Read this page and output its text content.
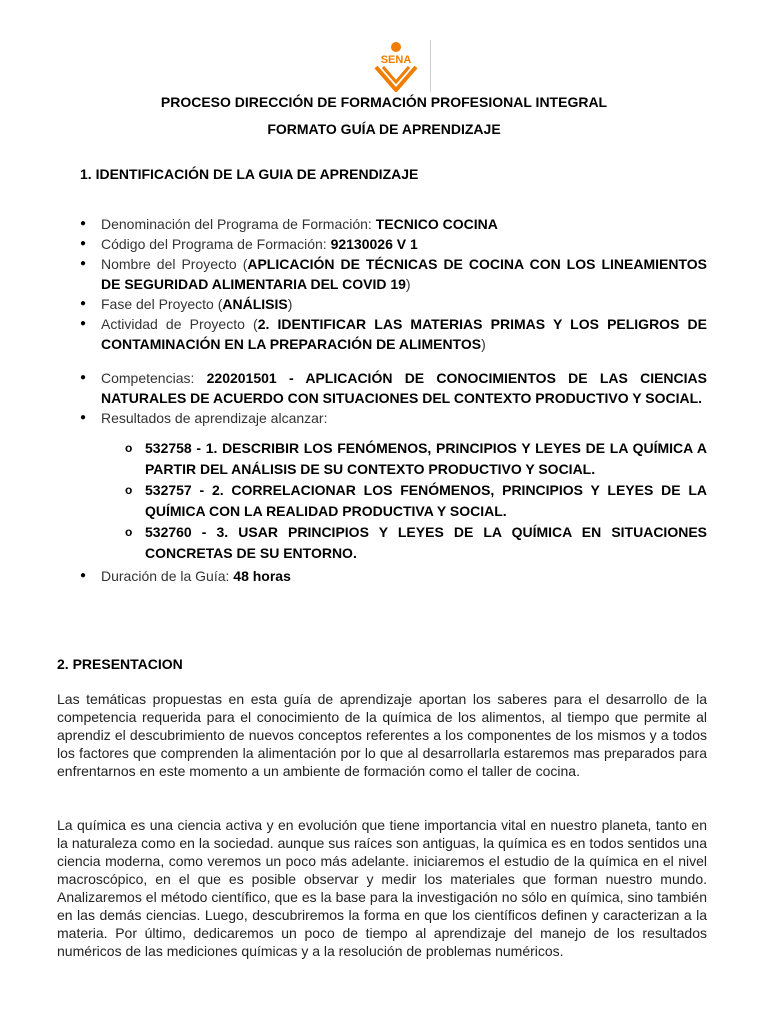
SENA
PROCESO DIRECCIÓN DE FORMACIÓN PROFESIONAL INTEGRAL
FORMATO GUÍA DE APRENDIZAJE
1. IDENTIFICACIÓN DE LA GUIA DE APRENDIZAJE
● Denominación del Programa de Formación: TECNICO COCINA
● Código del Programa de Formación: 92130026 V 1
● Nombre del Proyecto (APLICACIÓN DE TÉCNICAS DE COCINA CON LOS LINEAMIENTOS DE SEGURIDAD ALIMENTARIA DEL COVID 19)
● Fase del Proyecto (ANÁLISIS)
● Actividad de Proyecto (2. IDENTIFICAR LAS MATERIAS PRIMAS Y LOS PELIGROS DE CONTAMINACIÓN EN LA PREPARACIÓN DE ALIMENTOS)
● Competencias: 220201501 - APLICACIÓN DE CONOCIMIENTOS DE LAS CIENCIAS NATURALES DE ACUERDO CON SITUACIONES DEL CONTEXTO PRODUCTIVO Y SOCIAL.
● Resultados de aprendizaje alcanzar:
o 532758 - 1. DESCRIBIR LOS FENÓMENOS, PRINCIPIOS Y LEYES DE LA QUÍMICA A PARTIR DEL ANÁLISIS DE SU CONTEXTO PRODUCTIVO Y SOCIAL.
o 532757 - 2. CORRELACIONAR LOS FENÓMENOS, PRINCIPIOS Y LEYES DE LA QUÍMICA CON LA REALIDAD PRODUCTIVA Y SOCIAL.
o 532760 - 3. USAR PRINCIPIOS Y LEYES DE LA QUÍMICA EN SITUACIONES CONCRETAS DE SU ENTORNO.
● Duración de la Guía: 48 horas
2. PRESENTACION
Las temáticas propuestas en esta guía de aprendizaje aportan los saberes para el desarrollo de la competencia requerida para el conocimiento de la química de los alimentos, al tiempo que permite al aprendiz el descubrimiento de nuevos conceptos referentes a los componentes de los mismos y a todos los factores que comprenden la alimentación por lo que al desarrollarla estaremos mas preparados para enfrentarnos en este momento a un ambiente de formación como el taller de cocina.
La química es una ciencia activa y en evolución que tiene importancia vital en nuestro planeta, tanto en la naturaleza como en la sociedad. aunque sus raíces son antiguas, la química es en todos sentidos una ciencia moderna, como veremos un poco más adelante. iniciaremos el estudio de la química en el nivel macroscópico, en el que es posible observar y medir los materiales que forman nuestro mundo. Analizaremos el método científico, que es la base para la investigación no sólo en química, sino también en las demás ciencias. Luego, descubriremos la forma en que los científicos definen y caracterizan a la materia. Por último, dedicaremos un poco de tiempo al aprendizaje del manejo de los resultados numéricos de las mediciones químicas y a la resolución de problemas numéricos.
